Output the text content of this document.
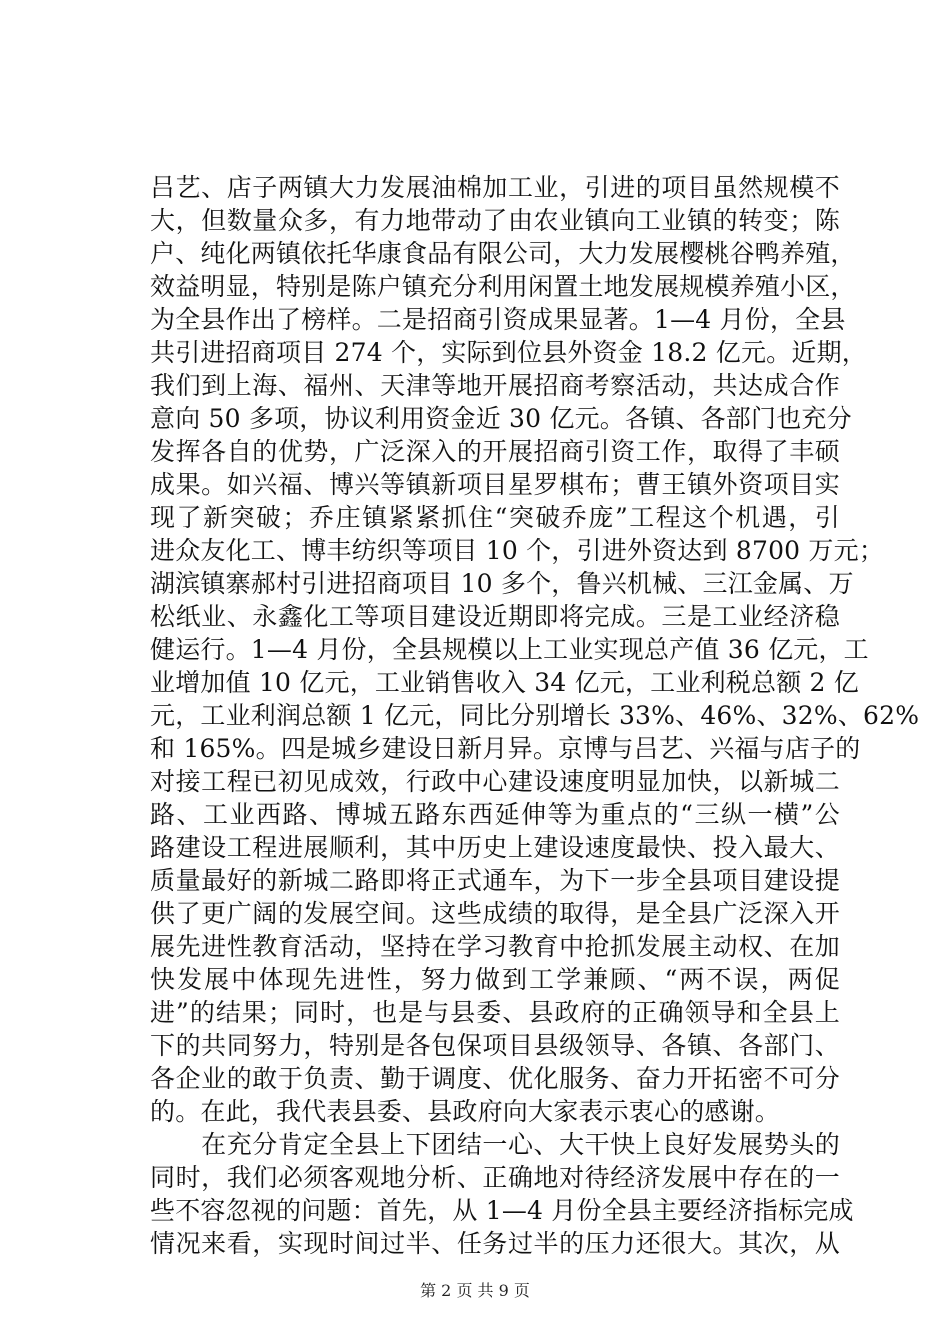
吕艺、店子两镇大力发展油棉加工业，引进的项目虽然规模不
大，但数量众多，有力地带动了由农业镇向工业镇的转变；陈
户、纯化两镇依托华康食品有限公司，大力发展樱桃谷鸭养殖，
效益明显，特别是陈户镇充分利用闲置土地发展规模养殖小区，
为全县作出了榜样。二是招商引资成果显著。1—4 月份，全县
共引进招商项目 274 个，实际到位县外资金 18.2 亿元。近期，
我们到上海、福州、天津等地开展招商考察活动，共达成合作
意向 50 多项，协议利用资金近 30 亿元。各镇、各部门也充分
发挥各自的优势，广泛深入的开展招商引资工作，取得了丰硕
成果。如兴福、博兴等镇新项目星罗棋布；曹王镇外资项目实
现了新突破；乔庄镇紧紧抓住“突破乔庞”工程这个机遇，引
进众友化工、博丰纺织等项目 10 个，引进外资达到 8700 万元；
湖滨镇寨郝村引进招商项目 10 多个，鲁兴机械、三江金属、万
松纸业、永鑫化工等项目建设近期即将完成。三是工业经济稳
健运行。1—4 月份，全县规模以上工业实现总产值 36 亿元，工
业增加值 10 亿元，工业销售收入 34 亿元，工业利税总额 2 亿
元，工业利润总额 1 亿元，同比分别增长 33%、46%、32%、62%
和 165%。四是城乡建设日新月异。京博与吕艺、兴福与店子的
对接工程已初见成效，行政中心建设速度明显加快，以新城二
路、工业西路、博城五路东西延伸等为重点的“三纵一横”公
路建设工程进展顺利，其中历史上建设速度最快、投入最大、
质量最好的新城二路即将正式通车，为下一步全县项目建设提
供了更广阔的发展空间。这些成绩的取得，是全县广泛深入开
展先进性教育活动，坚持在学习教育中抢抓发展主动权、在加
快发展中体现先进性，努力做到工学兼顾、“两不误，两促
进”的结果；同时，也是与县委、县政府的正确领导和全县上
下的共同努力，特别是各包保项目县级领导、各镇、各部门、
各企业的敢于负责、勤于调度、优化服务、奋力开拓密不可分
的。在此，我代表县委、县政府向大家表示衷心的感谢。
　　在充分肯定全县上下团结一心、大干快上良好发展势头的
同时，我们必须客观地分析、正确地对待经济发展中存在的一
些不容忽视的问题：首先，从 1—4 月份全县主要经济指标完成
情况来看，实现时间过半、任务过半的压力还很大。其次，从
第 2 页 共 9 页
